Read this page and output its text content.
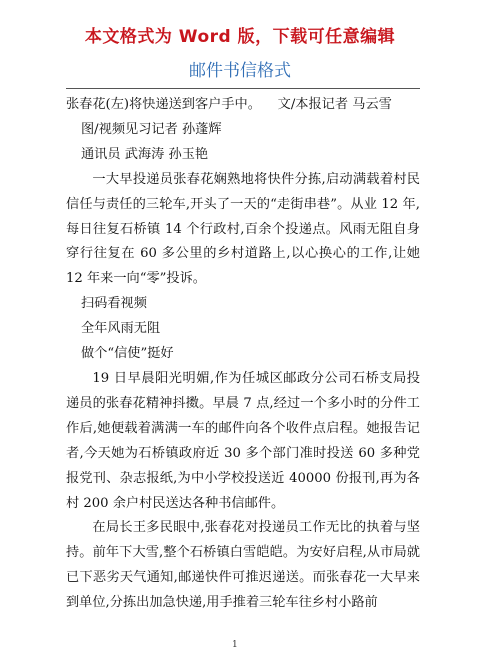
本文格式为 Word 版，下载可任意编辑
邮件书信格式

张春花(左)将快递送到客户手中。    文/本报记者 马云雪

图/视频见习记者 孙蓬辉

通讯员 武海涛 孙玉艳

一大早投递员张春花娴熟地将快件分拣,启动满载着村民信任与责任的三轮车,开头了一天的“走街串巷”。从业 12 年,每日往复石桥镇 14 个行政村,百余个投递点。风雨无阻自身穿行往复在 60 多公里的乡村道路上,以心换心的工作,让她 12 年来一向“零”投诉。

扫码看视频

全年风雨无阻

做个“信使”挺好

19 日早晨阳光明媚,作为任城区邮政分公司石桥支局投递员的张春花精神抖擞。早晨 7 点,经过一个多小时的分件工作后,她便载着满满一车的邮件向各个收件点启程。她报告记者,今天她为石桥镇政府近 30 多个部门准时投送 60 多种党报党刊、杂志报纸,为中小学校投送近 40000 份报刊,再为各村 200 余户村民送达各种书信邮件。

在局长王多民眼中,张春花对投递员工作无比的执着与坚持。前年下大雪,整个石桥镇白雪皑皑。为安好启程,从市局就已下恶劣天气通知,邮递快件可推迟递送。而张春花一大早来到单位,分拣出加急快递,用手推着三轮车往乡村小路前

1
